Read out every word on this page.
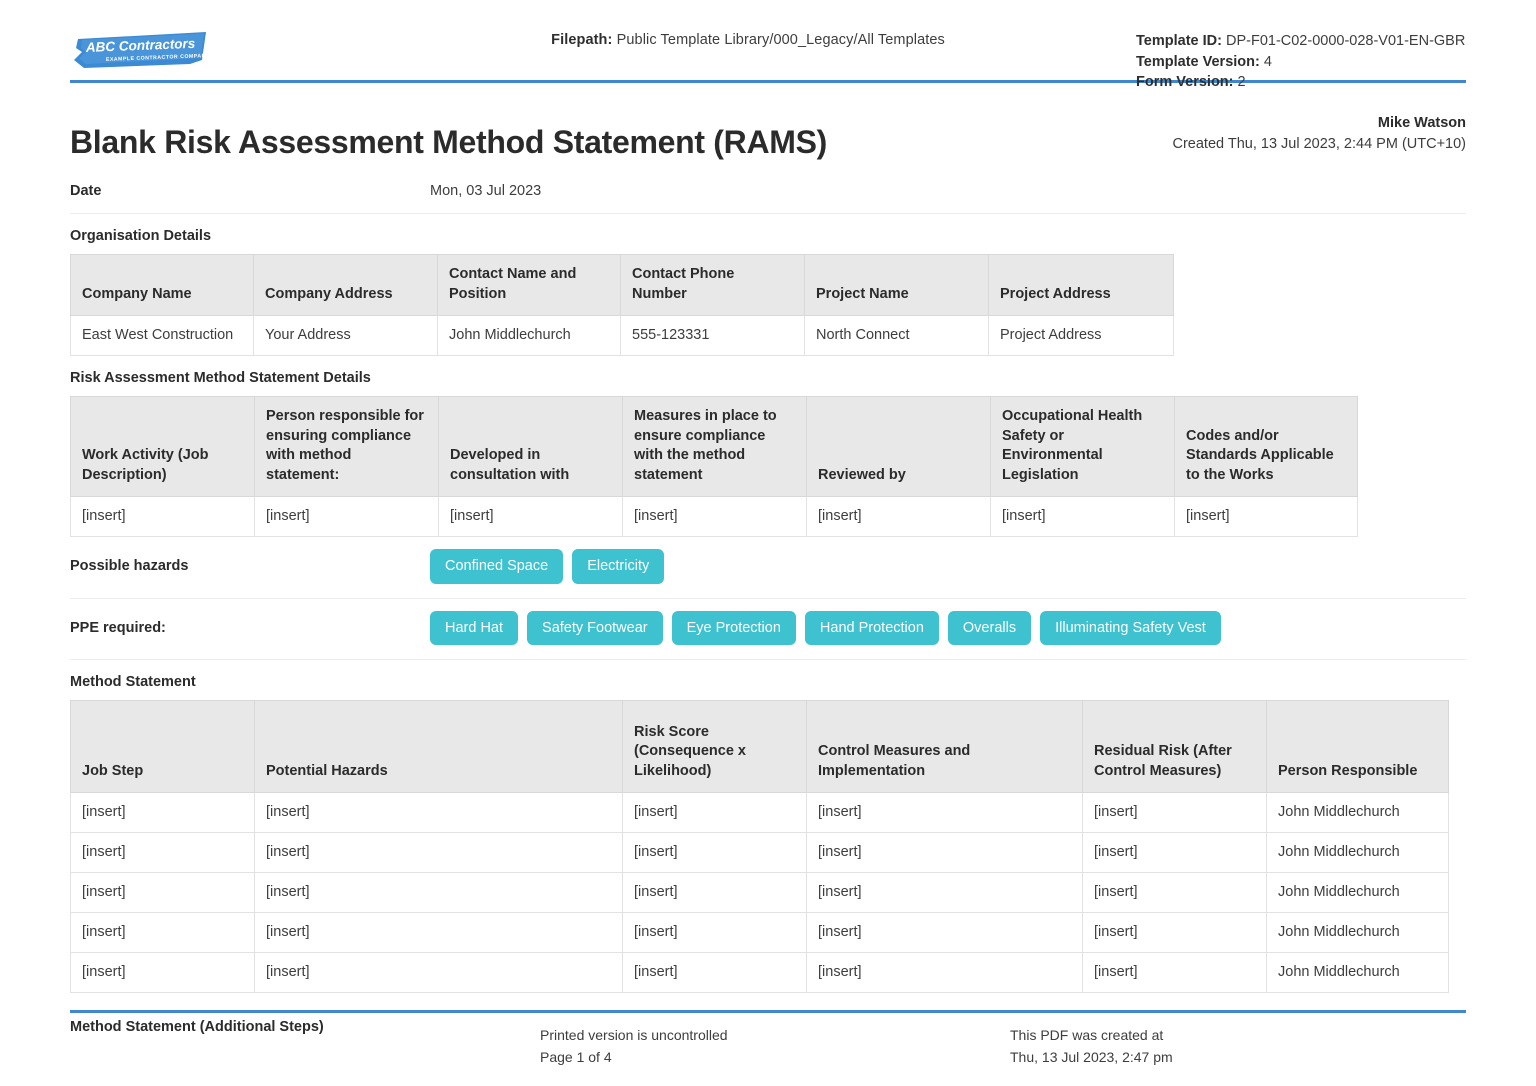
ABC Contractors
EXAMPLE CONTRACTOR COMPANY
Filepath: Public Template Library/000_Legacy/All Templates	Template ID: DP-F01-C02-0000-028-V01-EN-GBR
Template Version: 4
Form Version: 2
Blank Risk Assessment Method Statement (RAMS)
Mike Watson
Created Thu, 13 Jul 2023, 2:44 PM (UTC+10)
Date	Mon, 03 Jul 2023
Organisation Details
Company Name	Company Address	Contact Name and Position	Contact Phone Number	Project Name	Project Address
East West Construction	Your Address	John Middlechurch	555-123331	North Connect	Project Address
Risk Assessment Method Statement Details
Work Activity (Job Description)	Person responsible for ensuring compliance with method statement:	Developed in consultation with	Measures in place to ensure compliance with the method statement	Reviewed by	Occupational Health Safety or Environmental Legislation	Codes and/or Standards Applicable to the Works
[insert]	[insert]	[insert]	[insert]	[insert]	[insert]	[insert]
Possible hazards	Confined Space	Electricity
PPE required:	Hard Hat	Safety Footwear	Eye Protection	Hand Protection	Overalls	Illuminating Safety Vest
Method Statement
Job Step	Potential Hazards	Risk Score (Consequence x Likelihood)	Control Measures and Implementation	Residual Risk (After Control Measures)	Person Responsible
[insert]	[insert]	[insert]	[insert]	[insert]	John Middlechurch
[insert]	[insert]	[insert]	[insert]	[insert]	John Middlechurch
[insert]	[insert]	[insert]	[insert]	[insert]	John Middlechurch
[insert]	[insert]	[insert]	[insert]	[insert]	John Middlechurch
[insert]	[insert]	[insert]	[insert]	[insert]	John Middlechurch
Method Statement (Additional Steps)
Printed version is uncontrolled
Page 1 of 4
This PDF was created at
Thu, 13 Jul 2023, 2:47 pm
